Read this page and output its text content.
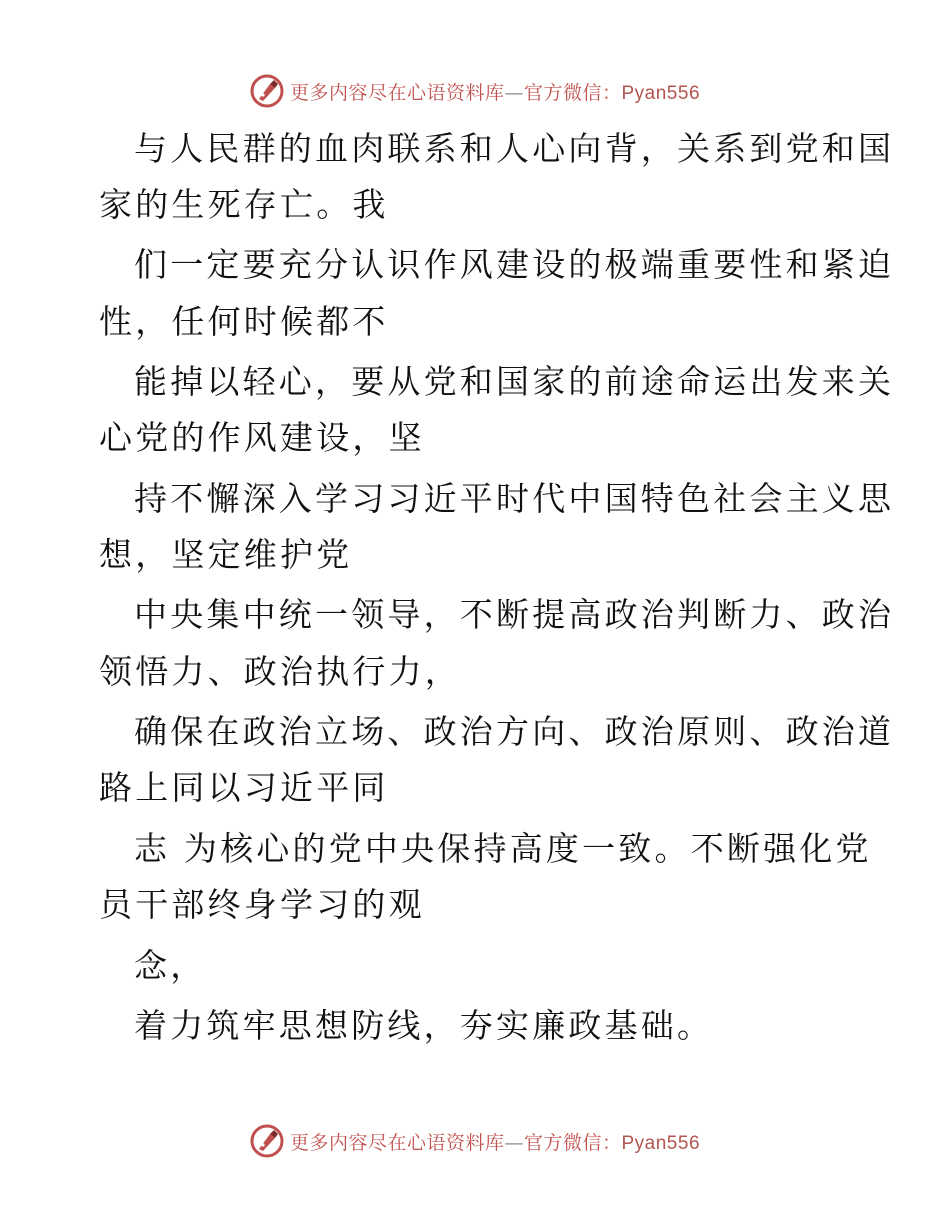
更多内容尽在心语资料库—官方微信：Pyan556
与人民群的血肉联系和人心向背，关系到党和国
家的生死存亡。我
们一定要充分认识作风建设的极端重要性和紧迫
性，任何时候都不
能掉以轻心，要从党和国家的前途命运出发来关
心党的作风建设，坚
持不懈深入学习习近平时代中国特色社会主义思
想，坚定维护党
中央集中统一领导，不断提高政治判断力、政治
领悟力、政治执行力，
确保在政治立场、政治方向、政治原则、政治道
路上同以习近平同
志 为核心的党中央保持高度一致。不断强化党
员干部终身学习的观
念，
着力筑牢思想防线，夯实廉政基础。
更多内容尽在心语资料库—官方微信：Pyan556
